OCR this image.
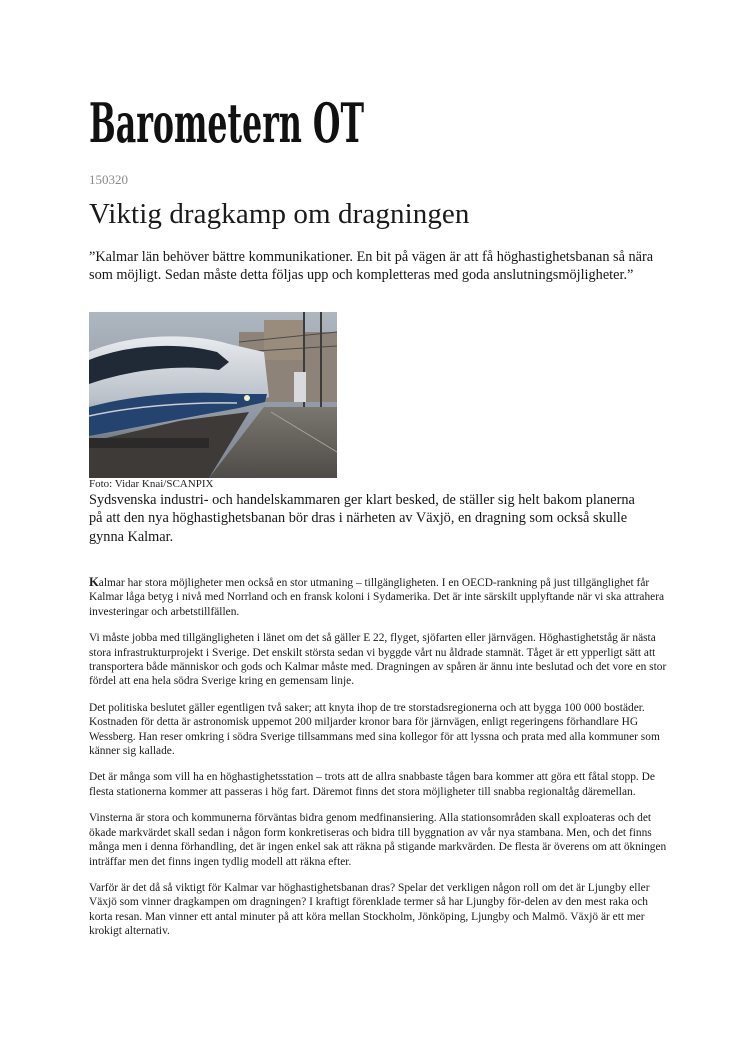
Barometern OT
150320
Viktig dragkamp om dragningen

”Kalmar län behöver bättre kommunikationer. En bit på vägen är att få höghastighetsbanan så nära som möjligt. Sedan måste detta följas upp och kompletteras med goda anslutningsmöjligheter.”

Foto: Vidar Knai/SCANPIX

Sydsvenska industri- och handelskammaren ger klart besked, de ställer sig helt bakom planerna på att den nya höghastighetsbanan bör dras i närheten av Växjö, en dragning som också skulle gynna Kalmar.

Kalmar har stora möjligheter men också en stor utmaning – tillgängligheten. I en OECD-rankning på just tillgänglighet får Kalmar låga betyg i nivå med Norrland och en fransk koloni i Sydamerika. Det är inte särskilt upplyftande när vi ska attrahera investeringar och arbetstillfällen.

Vi måste jobba med tillgängligheten i länet om det så gäller E 22, flyget, sjöfarten eller järnvägen. Höghastighetståg är nästa stora infrastrukturprojekt i Sverige. Det enskilt största sedan vi byggde vårt nu åldrade stamnät. Tåget är ett ypperligt sätt att transportera både människor och gods och Kalmar måste med. Dragningen av spåren är ännu inte beslutad och det vore en stor fördel att ena hela södra Sverige kring en gemensam linje.

Det politiska beslutet gäller egentligen två saker; att knyta ihop de tre storstadsregionerna och att bygga 100 000 bostäder. Kostnaden för detta är astronomisk uppemot 200 miljarder kronor bara för järnvägen, enligt regeringens förhandlare HG Wessberg. Han reser omkring i södra Sverige tillsammans med sina kollegor för att lyssna och prata med alla kommuner som känner sig kallade.

Det är många som vill ha en höghastighetsstation – trots att de allra snabbaste tågen bara kommer att göra ett fåtal stopp. De flesta stationerna kommer att passeras i hög fart. Däremot finns det stora möjligheter till snabba regionaltåg däremellan.

Vinsterna är stora och kommunerna förväntas bidra genom medfinansiering. Alla stationsområden skall exploateras och det ökade markvärdet skall sedan i någon form konkretiseras och bidra till byggnation av vår nya stambana. Men, och det finns många men i denna förhandling, det är ingen enkel sak att räkna på stigande markvärden. De flesta är överens om att ökningen inträffar men det finns ingen tydlig modell att räkna efter.

Varför är det då så viktigt för Kalmar var höghastighetsbanan dras? Spelar det verkligen någon roll om det är Ljungby eller Växjö som vinner dragkampen om dragningen? I kraftigt förenklade termer så har Ljungby för-delen av den mest raka och korta resan. Man vinner ett antal minuter på att köra mellan Stockholm, Jönköping, Ljungby och Malmö. Växjö är ett mer krokigt alternativ.
